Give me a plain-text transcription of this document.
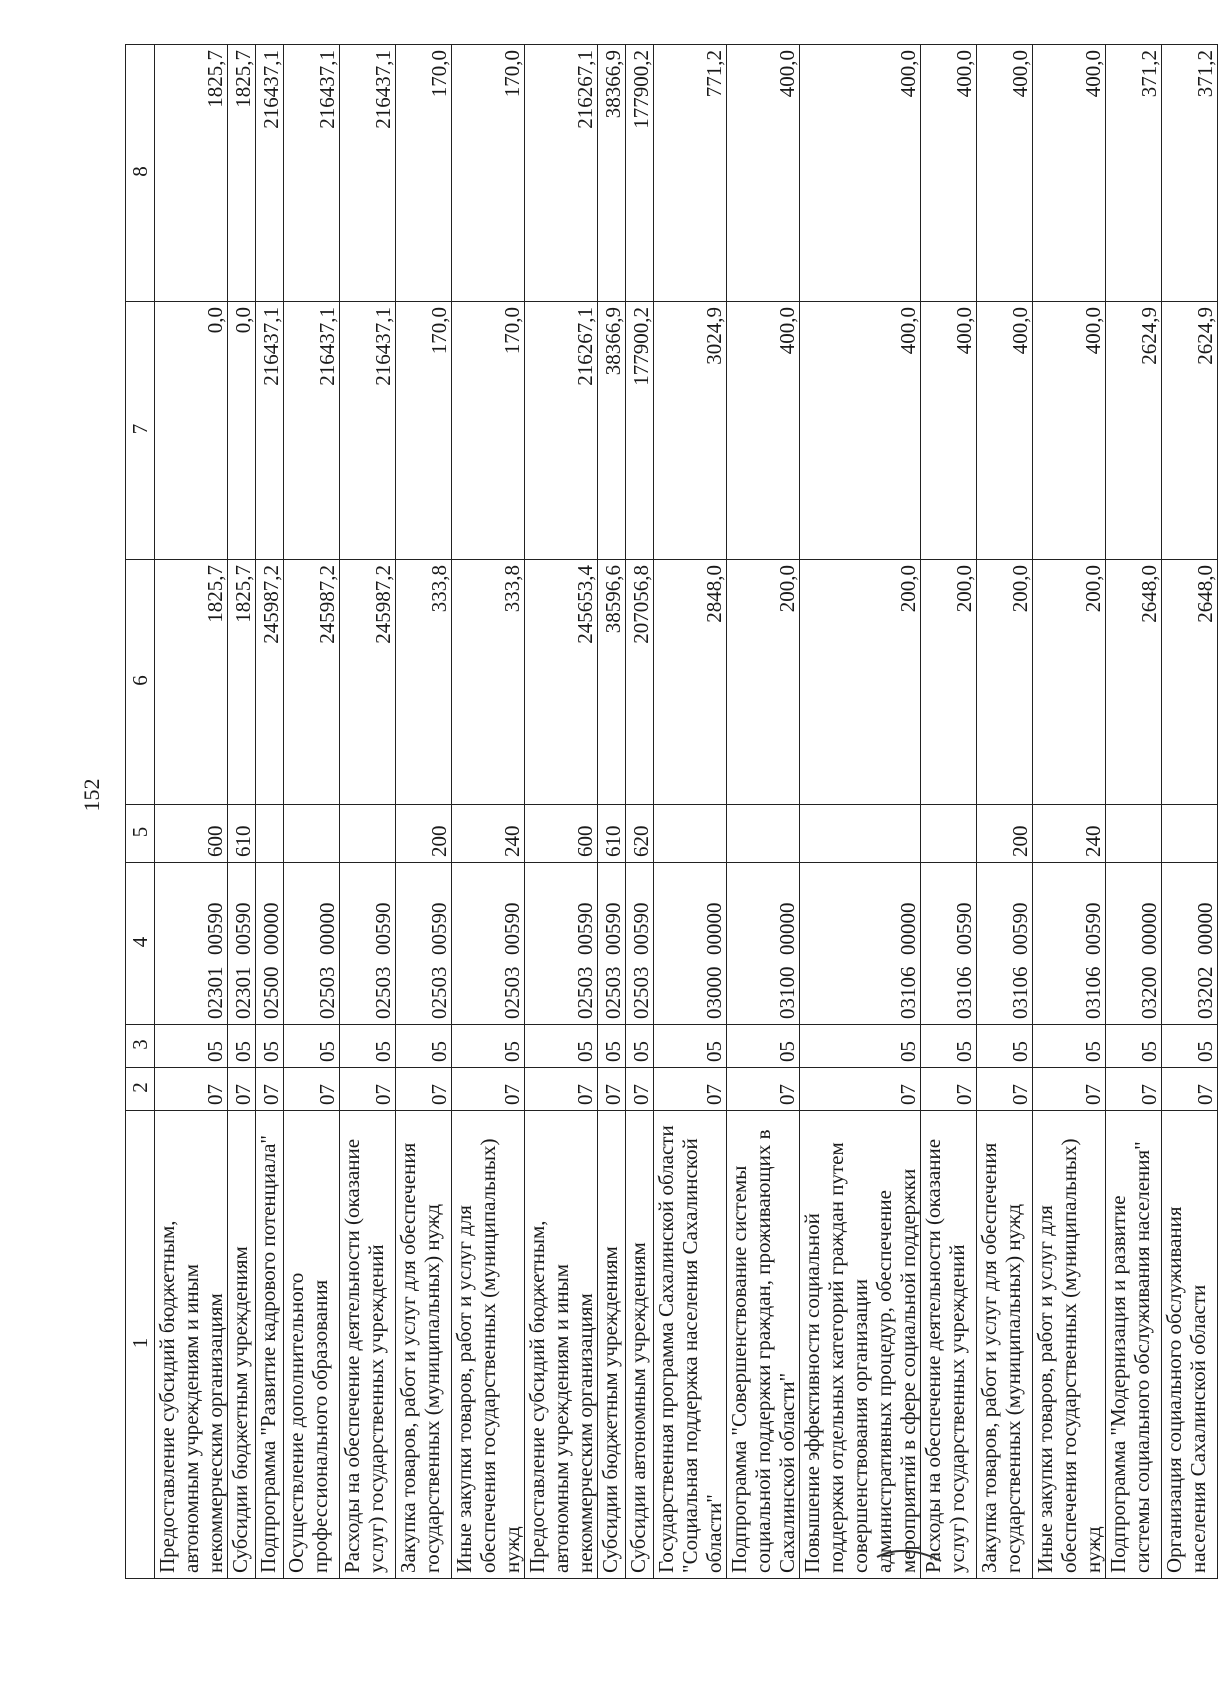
152
1	2	3	4	5	6	7	8
Предоставление субсидий бюджетным, автономным учреждениям и иным некоммерческим организациям	07	05	0230100590	600	1825,7	0,0	1825,7
Субсидии бюджетным учреждениям	07	05	0230100590	610	1825,7	0,0	1825,7
Подпрограмма "Развитие кадрового потенциала"	07	05	0250000000		245987,2	216437,1	216437,1
Осуществление дополнительного профессионального образования	07	05	0250300000		245987,2	216437,1	216437,1
Расходы на обеспечение деятельности (оказание услуг) государственных учреждений	07	05	0250300590		245987,2	216437,1	216437,1
Закупка товаров, работ и услуг для обеспечения государственных (муниципальных) нужд	07	05	0250300590	200	333,8	170,0	170,0
Иные закупки товаров, работ и услуг для обеспечения государственных (муниципальных) нужд	07	05	0250300590	240	333,8	170,0	170,0
Предоставление субсидий бюджетным, автономным учреждениям и иным некоммерческим организациям	07	05	0250300590	600	245653,4	216267,1	216267,1
Субсидии бюджетным учреждениям	07	05	0250300590	610	38596,6	38366,9	38366,9
Субсидии автономным учреждениям	07	05	0250300590	620	207056,8	177900,2	177900,2
Государственная программа Сахалинской области "Социальная поддержка населения Сахалинской области"	07	05	0300000000		2848,0	3024,9	771,2
Подпрограмма "Совершенствование системы социальной поддержки граждан, проживающих в Сахалинской области"	07	05	0310000000		200,0	400,0	400,0
Повышение эффективности социальной поддержки отдельных категорий граждан путем совершенствования организации административных процедур, обеспечение мероприятий в сфере социальной поддержки	07	05	0310600000		200,0	400,0	400,0
Расходы на обеспечение деятельности (оказание услуг) государственных учреждений	07	05	0310600590		200,0	400,0	400,0
Закупка товаров, работ и услуг для обеспечения государственных (муниципальных) нужд	07	05	0310600590	200	200,0	400,0	400,0
Иные закупки товаров, работ и услуг для обеспечения государственных (муниципальных) нужд	07	05	0310600590	240	200,0	400,0	400,0
Подпрограмма "Модернизация и развитие системы социального обслуживания населения"	07	05	0320000000		2648,0	2624,9	371,2
Организация социального обслуживания населения Сахалинской области	07	05	0320200000		2648,0	2624,9	371,2
